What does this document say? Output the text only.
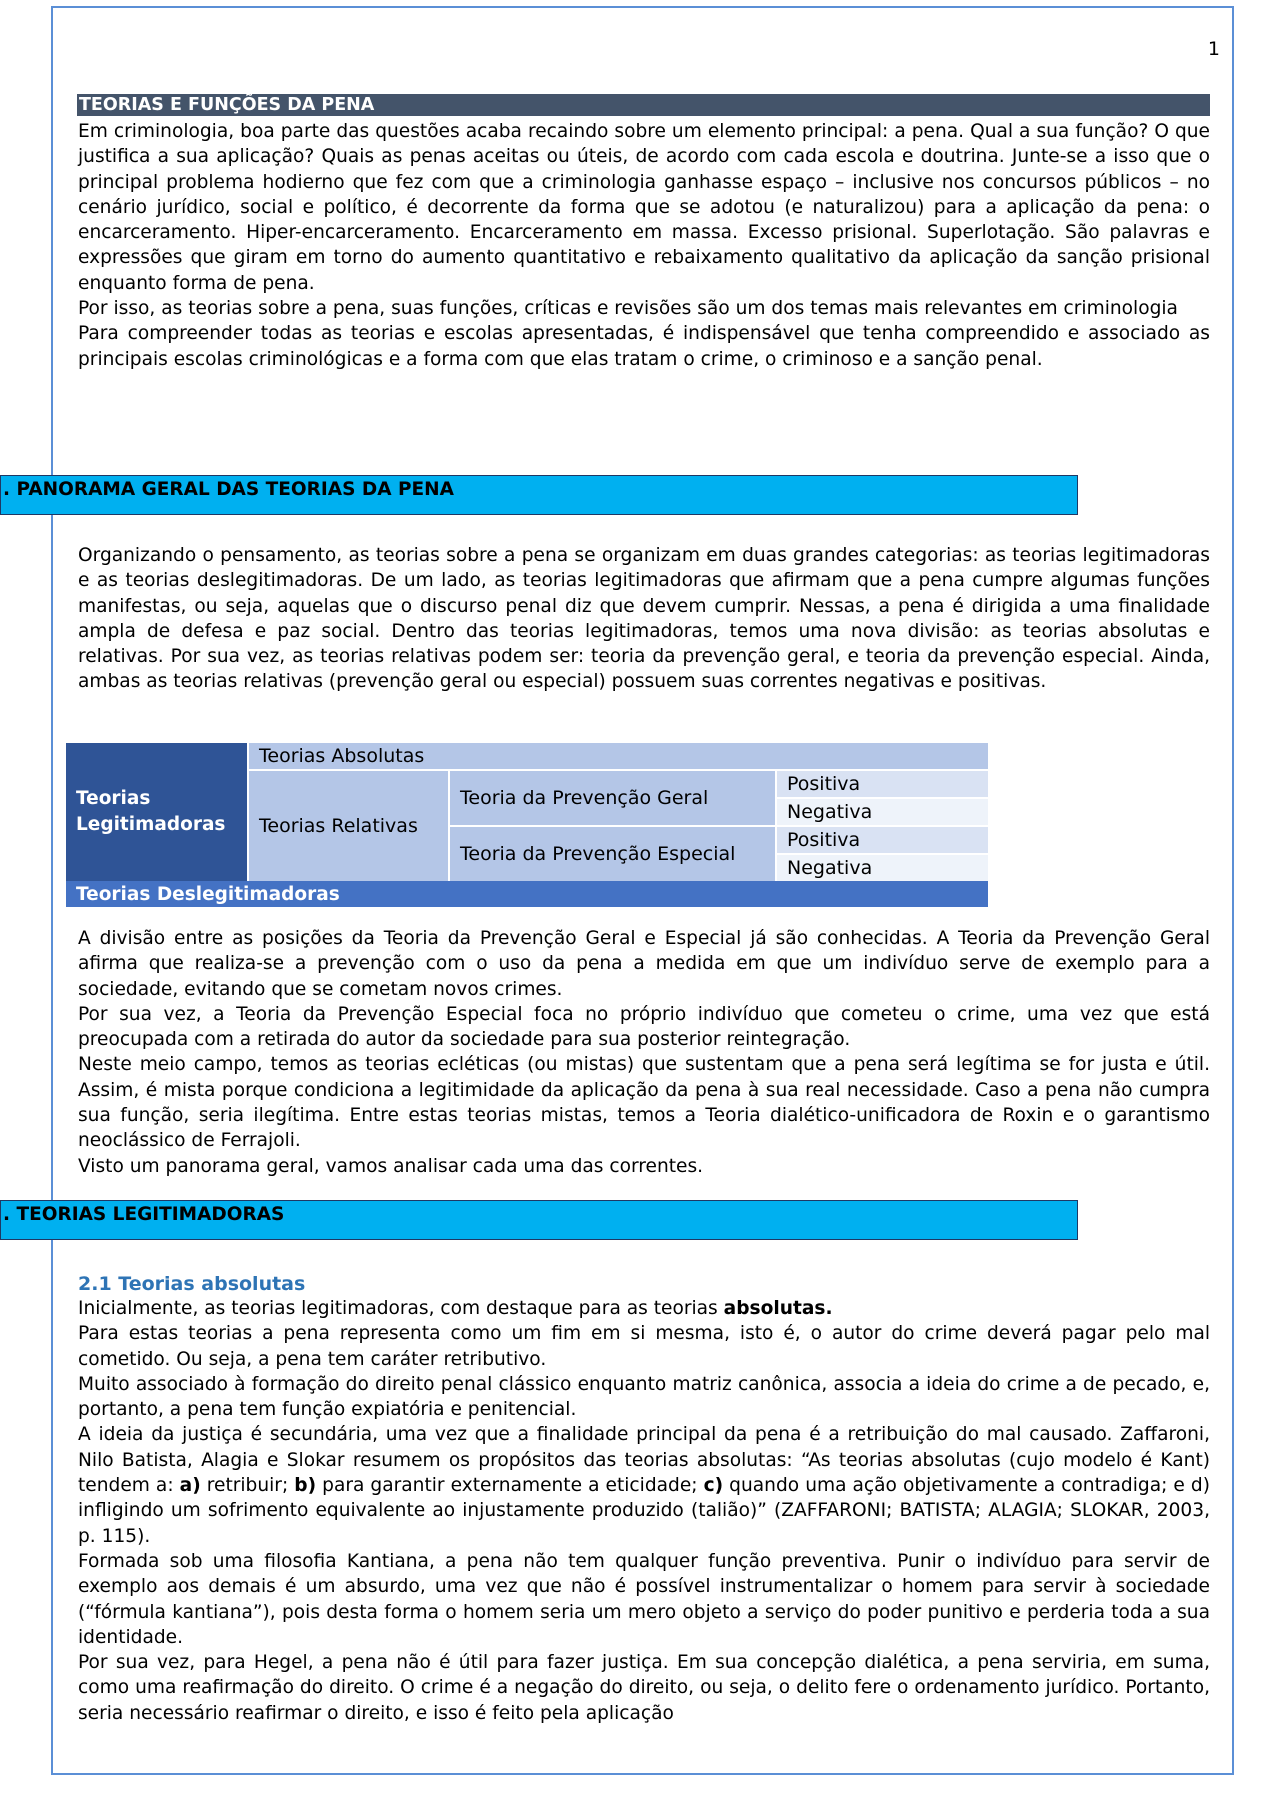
1
TEORIAS E FUNÇÕES DA PENA

Em criminologia, boa parte das questões acaba recaindo sobre um elemento principal: a pena. Qual a sua função? O que justifica a sua aplicação? Quais as penas aceitas ou úteis, de acordo com cada escola e doutrina. Junte-se a isso que o principal problema hodierno que fez com que a criminologia ganhasse espaço – inclusive nos concursos públicos – no cenário jurídico, social e político, é decorrente da forma que se adotou (e naturalizou) para a aplicação da pena: o encarceramento. Hiper-encarceramento. Encarceramento em massa. Excesso prisional. Superlotação. São palavras e expressões que giram em torno do aumento quantitativo e rebaixamento qualitativo da aplicação da sanção prisional enquanto forma de pena.

Por isso, as teorias sobre a pena, suas funções, críticas e revisões são um dos temas mais relevantes em criminologia

Para compreender todas as teorias e escolas apresentadas, é indispensável que tenha compreendido e associado as principais escolas criminológicas e a forma com que elas tratam o crime, o criminoso e a sanção penal.

. PANORAMA GERAL DAS TEORIAS DA PENA

Organizando o pensamento, as teorias sobre a pena se organizam em duas grandes categorias: as teorias legitimadoras e as teorias deslegitimadoras. De um lado, as teorias legitimadoras que afirmam que a pena cumpre algumas funções manifestas, ou seja, aquelas que o discurso penal diz que devem cumprir. Nessas, a pena é dirigida a uma finalidade ampla de defesa e paz social. Dentro das teorias legitimadoras, temos uma nova divisão: as teorias absolutas e relativas. Por sua vez, as teorias relativas podem ser: teoria da prevenção geral, e teoria da prevenção especial. Ainda, ambas as teorias relativas (prevenção geral ou especial) possuem suas correntes negativas e positivas.

Teorias Legitimadoras	Teorias Absolutas		
	Teorias Relativas	Teoria da Prevenção Geral	Positiva
			Negativa
		Teoria da Prevenção Especial	Positiva
			Negativa
Teorias Deslegitimadoras			

A divisão entre as posições da Teoria da Prevenção Geral e Especial já são conhecidas. A Teoria da Prevenção Geral afirma que realiza-se a prevenção com o uso da pena a medida em que um indivíduo serve de exemplo para a sociedade, evitando que se cometam novos crimes.

Por sua vez, a Teoria da Prevenção Especial foca no próprio indivíduo que cometeu o crime, uma vez que está preocupada com a retirada do autor da sociedade para sua posterior reintegração.

Neste meio campo, temos as teorias ecléticas (ou mistas) que sustentam que a pena será legítima se for justa e útil. Assim, é mista porque condiciona a legitimidade da aplicação da pena à sua real necessidade. Caso a pena não cumpra sua função, seria ilegítima. Entre estas teorias mistas, temos a Teoria dialético-unificadora de Roxin e o garantismo neoclássico de Ferrajoli.

Visto um panorama geral, vamos analisar cada uma das correntes.

. TEORIAS LEGITIMADORAS
2.1 Teorias absolutas

Inicialmente, as teorias legitimadoras, com destaque para as teorias absolutas.

Para estas teorias a pena representa como um fim em si mesma, isto é, o autor do crime deverá pagar pelo mal cometido. Ou seja, a pena tem caráter retributivo.

Muito associado à formação do direito penal clássico enquanto matriz canônica, associa a ideia do crime a de pecado, e, portanto, a pena tem função expiatória e penitencial.

A ideia da justiça é secundária, uma vez que a finalidade principal da pena é a retribuição do mal causado. Zaffaroni, Nilo Batista, Alagia e Slokar resumem os propósitos das teorias absolutas: “As teorias absolutas (cujo modelo é Kant) tendem a: a) retribuir; b) para garantir externamente a eticidade; c) quando uma ação objetivamente a contradiga; e d) infligindo um sofrimento equivalente ao injustamente produzido (talião)” (ZAFFARONI; BATISTA; ALAGIA; SLOKAR, 2003, p. 115).

Formada sob uma filosofia Kantiana, a pena não tem qualquer função preventiva. Punir o indivíduo para servir de exemplo aos demais é um absurdo, uma vez que não é possível instrumentalizar o homem para servir à sociedade (“fórmula kantiana”), pois desta forma o homem seria um mero objeto a serviço do poder punitivo e perderia toda a sua identidade.

Por sua vez, para Hegel, a pena não é útil para fazer justiça. Em sua concepção dialética, a pena serviria, em suma, como uma reafirmação do direito. O crime é a negação do direito, ou seja, o delito fere o ordenamento jurídico. Portanto, seria necessário reafirmar o direito, e isso é feito pela aplicação
